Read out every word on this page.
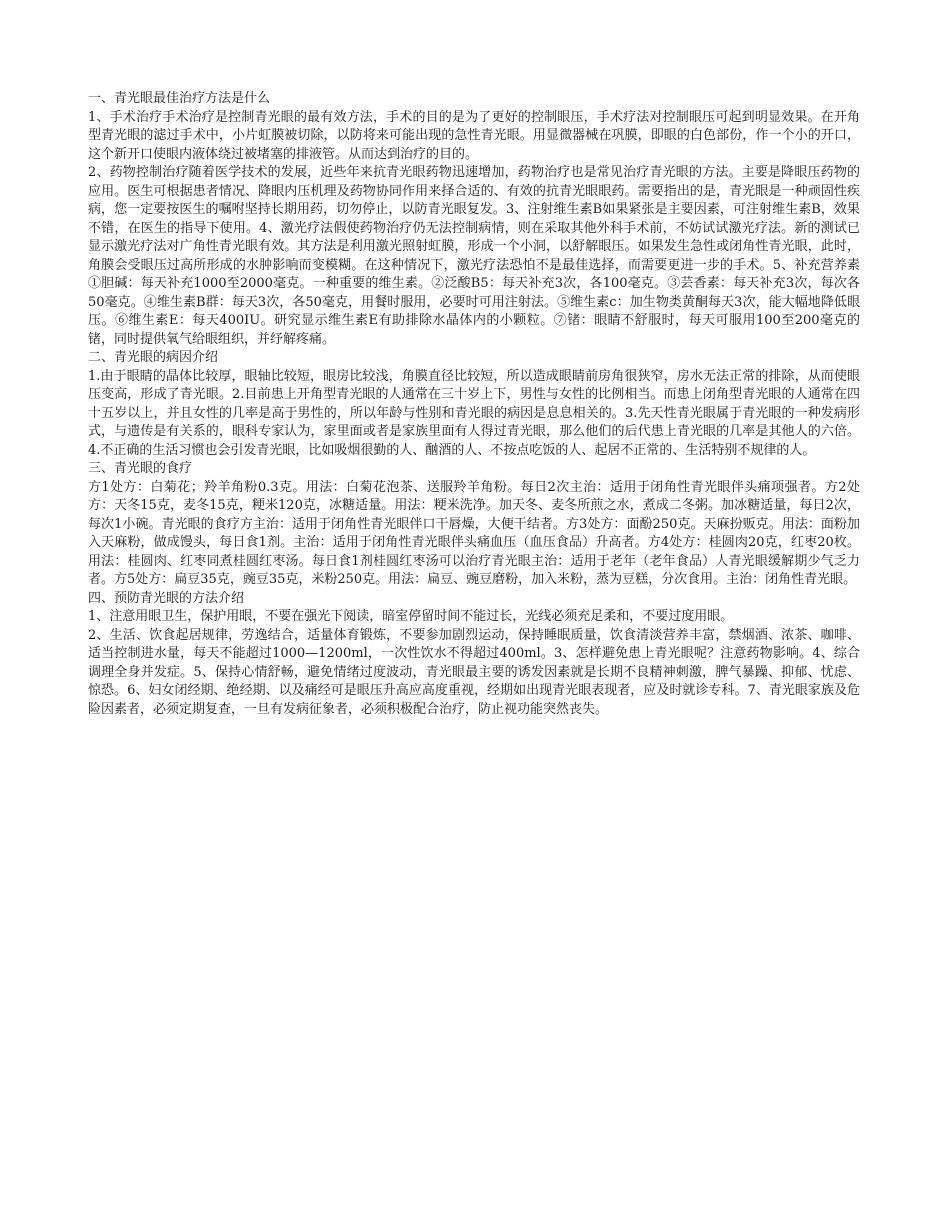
一、青光眼最佳治疗方法是什么

1、手术治疗手术治疗是控制青光眼的最有效方法，手术的目的是为了更好的控制眼压，手术疗法对控制眼压可起到明显效果。在开角型青光眼的滤过手术中，小片虹膜被切除，以防将来可能出现的急性青光眼。用显微器械在巩膜，即眼的白色部份，作一个小的开口，这个新开口使眼内液体绕过被堵塞的排液管。从而达到治疗的目的。

2、药物控制治疗随着医学技术的发展，近些年来抗青光眼药物迅速增加，药物治疗也是常见治疗青光眼的方法。主要是降眼压药物的应用。医生可根据患者情况、降眼内压机理及药物协同作用来择合适的、有效的抗青光眼眼药。需要指出的是，青光眼是一种顽固性疾病，您一定要按医生的嘱咐坚持长期用药，切勿停止，以防青光眼复发。3、注射维生素B如果紧张是主要因素，可注射维生素B，效果不错，在医生的指导下使用。4、激光疗法假使药物治疗仍无法控制病情，则在采取其他外科手术前，不妨试试激光疗法。新的测试已显示激光疗法对广角性青光眼有效。其方法是利用激光照射虹膜，形成一个小洞，以舒解眼压。如果发生急性或闭角性青光眼，此时，角膜会受眼压过高所形成的水肿影响而变模糊。在这种情况下，激光疗法恐怕不是最佳选择，而需要更进一步的手术。5、补充营养素①胆碱：每天补充1000至2000毫克。一种重要的维生素。②泛酸B5：每天补充3次，各100毫克。③芸香素：每天补充3次，每次各50毫克。④维生素B群：每天3次，各50毫克，用餐时服用，必要时可用注射法。⑤维生素c：加生物类黄酮每天3次，能大幅地降低眼压。⑥维生素E：每天400IU。研究显示维生素E有助排除水晶体内的小颗粒。⑦锗：眼睛不舒服时，每天可服用100至200毫克的锗，同时提供氧气给眼组织，并纾解疼痛。

二、青光眼的病因介绍

1.由于眼睛的晶体比较厚，眼轴比较短，眼房比较浅，角膜直径比较短，所以造成眼睛前房角很狭窄，房水无法正常的排除，从而使眼压变高，形成了青光眼。2.目前患上开角型青光眼的人通常在三十岁上下，男性与女性的比例相当。而患上闭角型青光眼的人通常在四十五岁以上，并且女性的几率是高于男性的，所以年龄与性别和青光眼的病因是息息相关的。3.先天性青光眼属于青光眼的一种发病形式，与遗传是有关系的，眼科专家认为，家里面或者是家族里面有人得过青光眼，那么他们的后代患上青光眼的几率是其他人的六倍。4.不正确的生活习惯也会引发青光眼，比如吸烟很勤的人、酗酒的人、不按点吃饭的人、起居不正常的、生活特别不规律的人。

三、青光眼的食疗

方1处方：白菊花；羚羊角粉0.3克。用法：白菊花泡茶、送服羚羊角粉。每日2次主治：适用于闭角性青光眼伴头痛项强者。方2处方：天冬15克，麦冬15克，粳米120克，冰糖适量。用法：粳米洗净。加天冬、麦冬所煎之水，煮成二冬粥。加冰糖适量，每日2次，每次1小碗。青光眼的食疗方主治：适用于闭角性青光眼伴口干唇燥，大便干结者。方3处方：面酚250克。天麻扮贩克。用法：面粉加入天麻粉，做成馒头，每日食1剂。主治：适用于闭角性青光眼伴头痛血压（血压食品）升高者。方4处方：桂圆肉20克，红枣20枚。用法：桂圆肉、红枣同煮桂圆红枣汤。每日食1剂桂圆红枣汤可以治疗青光眼主治：适用于老年（老年食品）人青光眼缓解期少气乏力者。方5处方：扁豆35克，豌豆35克，米粉250克。用法：扁豆、豌豆磨粉，加入米粉，蒸为豆糕，分次食用。主治：闭角性青光眼。

四、预防青光眼的方法介绍

1、注意用眼卫生，保护用眼，不要在强光下阅读，暗室停留时间不能过长，光线必须充足柔和，不要过度用眼。

2、生活、饮食起居规律，劳逸结合，适量体育锻炼，不要参加剧烈运动，保持睡眠质量，饮食清淡营养丰富，禁烟酒、浓茶、咖啡、适当控制进水量，每天不能超过1000—1200ml，一次性饮水不得超过400ml。3、怎样避免患上青光眼呢？注意药物影响。4、综合调理全身并发症。5、保持心情舒畅，避免情绪过度波动，青光眼最主要的诱发因素就是长期不良精神刺激，脾气暴躁、抑郁、忧虑、惊恐。6、妇女闭经期、绝经期、以及痛经可是眼压升高应高度重视，经期如出现青光眼表现者，应及时就诊专科。7、青光眼家族及危险因素者，必须定期复查，一旦有发病征象者，必须积极配合治疗，防止视功能突然丧失。
